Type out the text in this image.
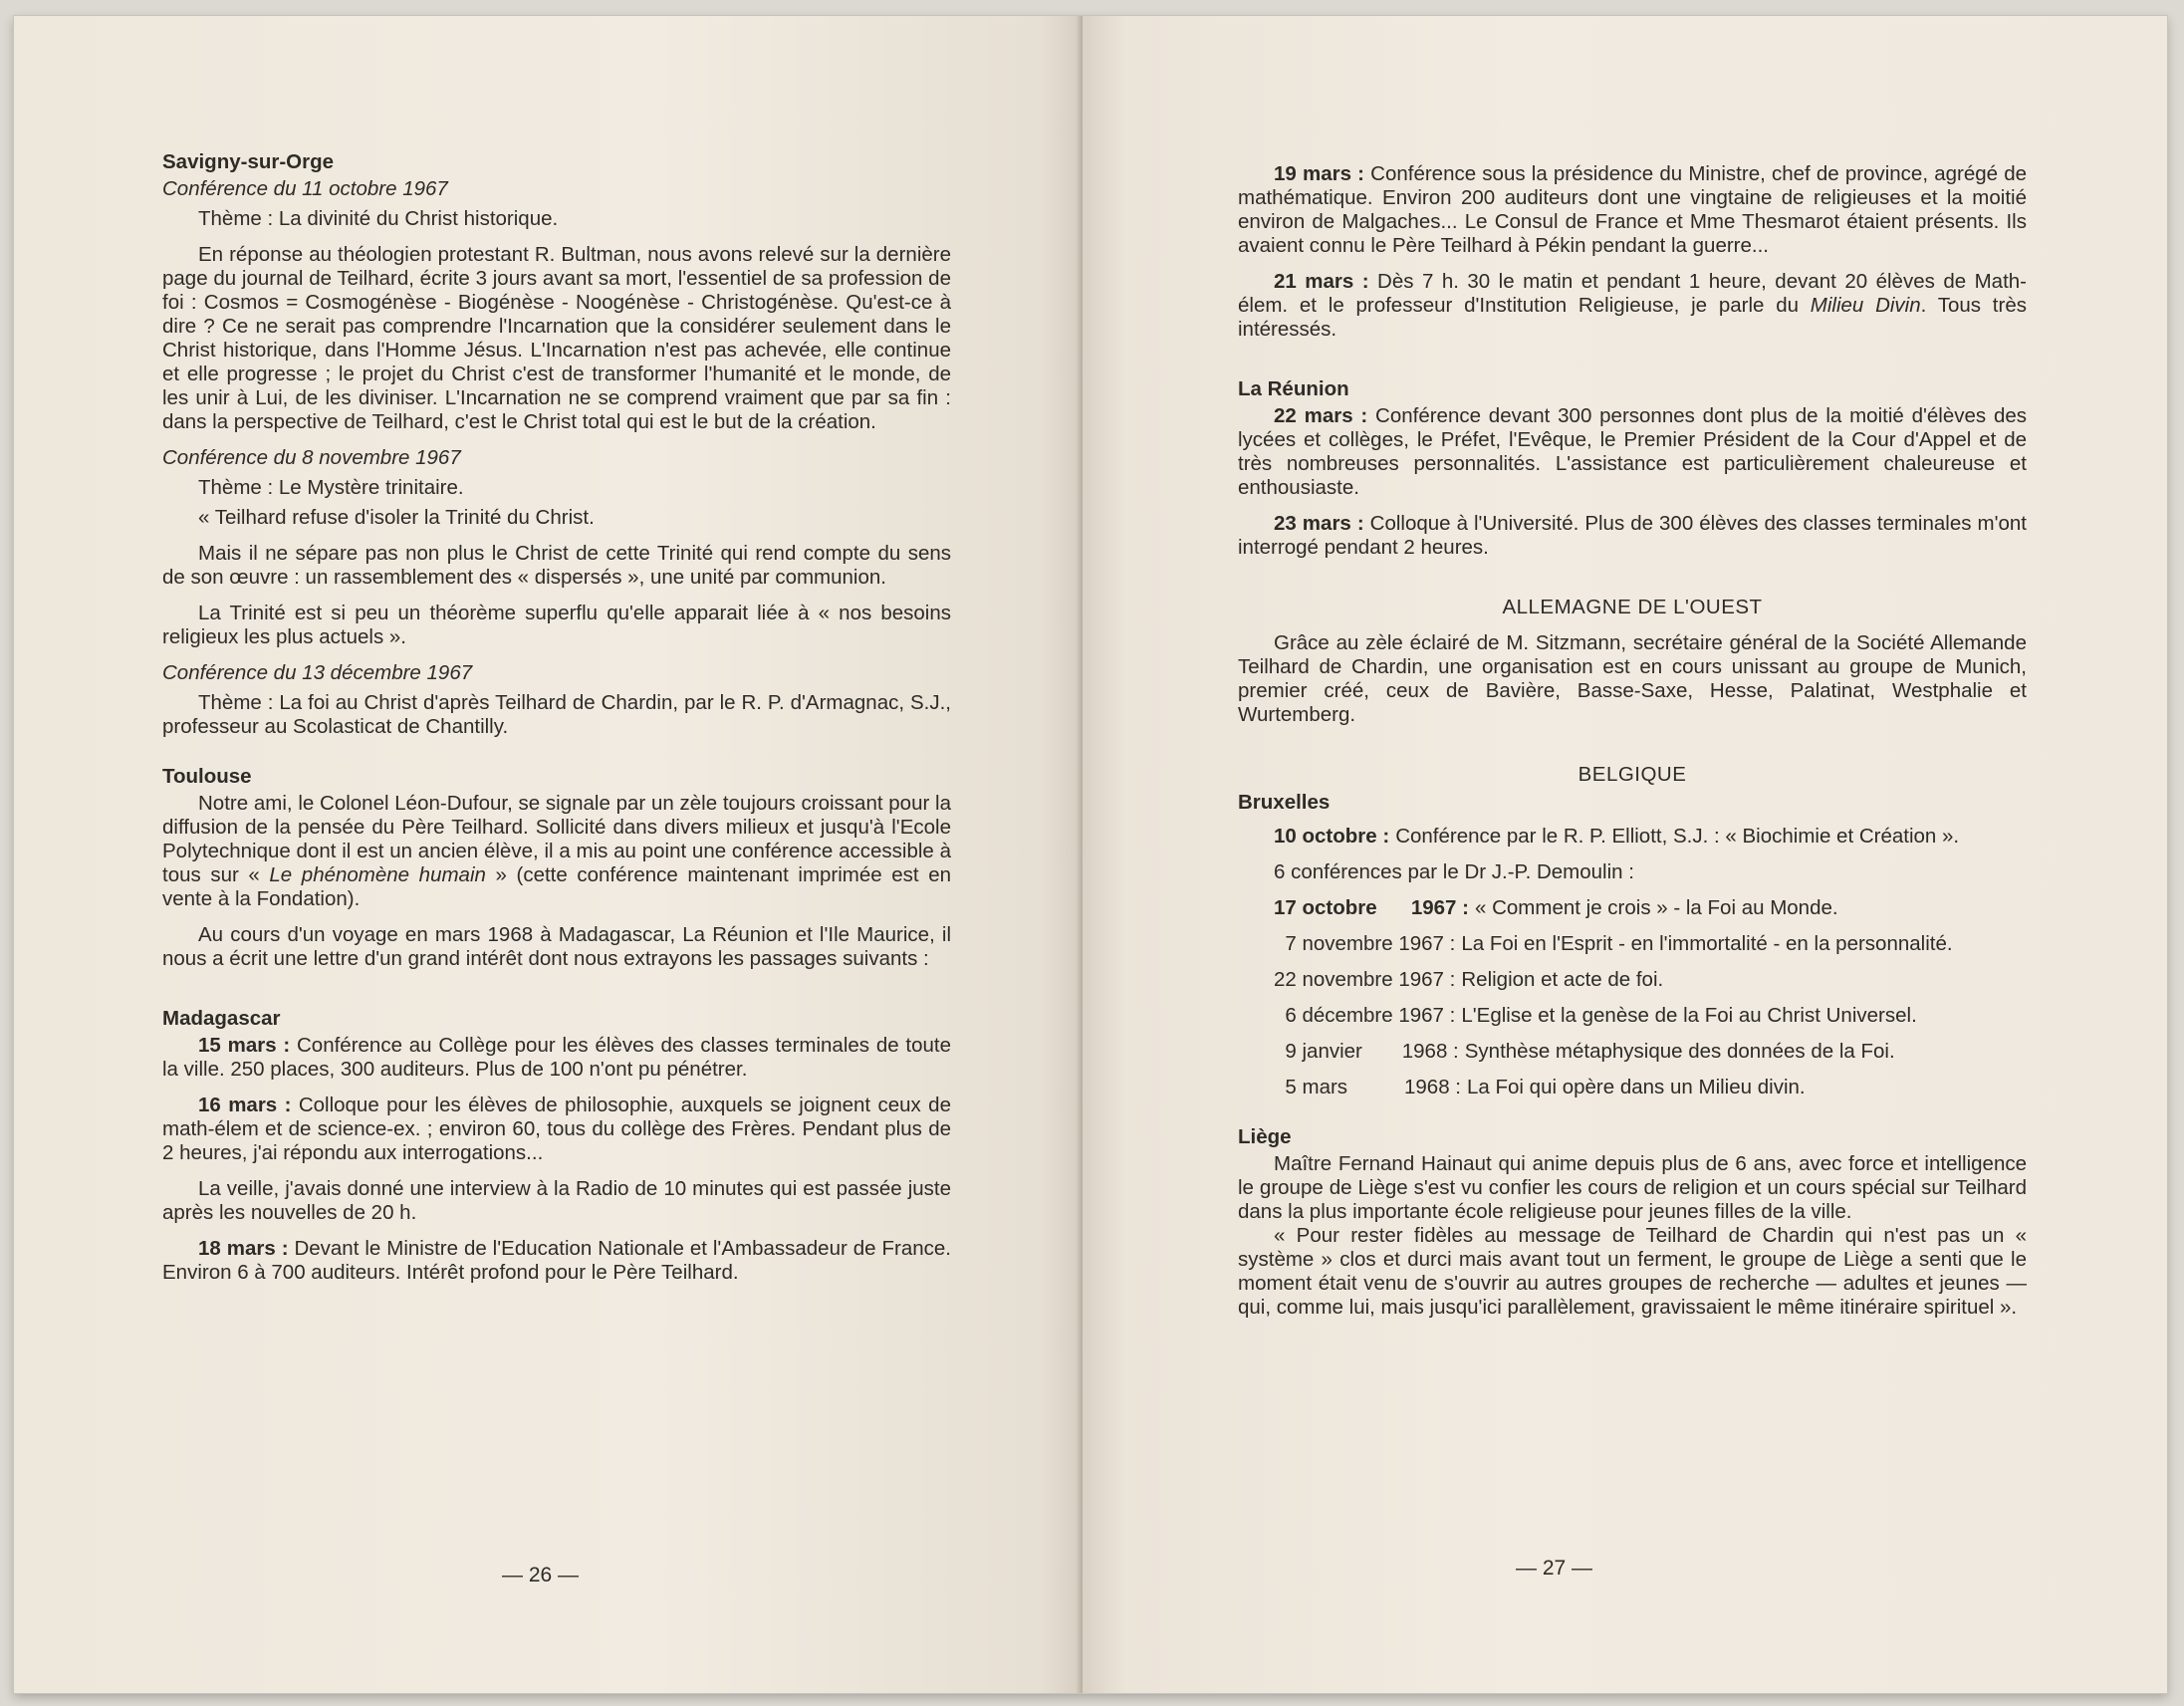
Savigny-sur-Orge

Conférence du 11 octobre 1967

Thème : La divinité du Christ historique.

En réponse au théologien protestant R. Bultman, nous avons relevé sur la dernière page du journal de Teilhard, écrite 3 jours avant sa mort, l'essentiel de sa profession de foi : Cosmos = Cosmogénèse - Biogénèse - Noogénèse - Christogénèse. Qu'est-ce à dire ? Ce ne serait pas comprendre l'Incarnation que la considérer seulement dans le Christ historique, dans l'Homme Jésus. L'Incarnation n'est pas achevée, elle continue et elle progresse ; le projet du Christ c'est de transformer l'humanité et le monde, de les unir à Lui, de les diviniser. L'Incarnation ne se comprend vraiment que par sa fin : dans la perspective de Teilhard, c'est le Christ total qui est le but de la création.

Conférence du 8 novembre 1967

Thème : Le Mystère trinitaire.

« Teilhard refuse d'isoler la Trinité du Christ.

Mais il ne sépare pas non plus le Christ de cette Trinité qui rend compte du sens de son œuvre : un rassemblement des « dispersés », une unité par communion.

La Trinité est si peu un théorème superflu qu'elle apparait liée à « nos besoins religieux les plus actuels ».

Conférence du 13 décembre 1967

Thème : La foi au Christ d'après Teilhard de Chardin, par le R. P. d'Armagnac, S.J., professeur au Scolasticat de Chantilly.

Toulouse

Notre ami, le Colonel Léon-Dufour, se signale par un zèle toujours croissant pour la diffusion de la pensée du Père Teilhard. Sollicité dans divers milieux et jusqu'à l'Ecole Polytechnique dont il est un ancien élève, il a mis au point une conférence accessible à tous sur « Le phénomène humain » (cette conférence maintenant imprimée est en vente à la Fondation).

Au cours d'un voyage en mars 1968 à Madagascar, La Réunion et l'Ile Maurice, il nous a écrit une lettre d'un grand intérêt dont nous extrayons les passages suivants :

Madagascar

15 mars : Conférence au Collège pour les élèves des classes terminales de toute la ville. 250 places, 300 auditeurs. Plus de 100 n'ont pu pénétrer.

16 mars : Colloque pour les élèves de philosophie, auxquels se joignent ceux de math-élem et de science-ex. ; environ 60, tous du collège des Frères. Pendant plus de 2 heures, j'ai répondu aux interrogations...

La veille, j'avais donné une interview à la Radio de 10 minutes qui est passée juste après les nouvelles de 20 h.

18 mars : Devant le Ministre de l'Education Nationale et l'Ambassadeur de France. Environ 6 à 700 auditeurs. Intérêt profond pour le Père Teilhard.

— 26 —

19 mars : Conférence sous la présidence du Ministre, chef de province, agrégé de mathématique. Environ 200 auditeurs dont une vingtaine de religieuses et la moitié environ de Malgaches... Le Consul de France et Mme Thesmarot étaient présents. Ils avaient connu le Père Teilhard à Pékin pendant la guerre...

21 mars : Dès 7 h. 30 le matin et pendant 1 heure, devant 20 élèves de Math-élem. et le professeur d'Institution Religieuse, je parle du Milieu Divin. Tous très intéressés.

La Réunion

22 mars : Conférence devant 300 personnes dont plus de la moitié d'élèves des lycées et collèges, le Préfet, l'Evêque, le Premier Président de la Cour d'Appel et de très nombreuses personnalités. L'assistance est particulièrement chaleureuse et enthousiaste.

23 mars : Colloque à l'Université. Plus de 300 élèves des classes terminales m'ont interrogé pendant 2 heures.

ALLEMAGNE DE L'OUEST

Grâce au zèle éclairé de M. Sitzmann, secrétaire général de la Société Allemande Teilhard de Chardin, une organisation est en cours unissant au groupe de Munich, premier créé, ceux de Bavière, Basse-Saxe, Hesse, Palatinat, Westphalie et Wurtemberg.

BELGIQUE

Bruxelles

10 octobre : Conférence par le R. P. Elliott, S.J. : « Biochimie et Création ».

6 conférences par le Dr J.-P. Demoulin :

17 octobre      1967 : « Comment je crois » - la Foi au Monde.
7 novembre 1967 : La Foi en l'Esprit - en l'immortalité - en la personnalité.
22 novembre 1967 : Religion et acte de foi.
6 décembre 1967 : L'Eglise et la genèse de la Foi au Christ Universel.
9 janvier       1968 : Synthèse métaphysique des données de la Foi.
5 mars          1968 : La Foi qui opère dans un Milieu divin.

Liège

Maître Fernand Hainaut qui anime depuis plus de 6 ans, avec force et intelligence le groupe de Liège s'est vu confier les cours de religion et un cours spécial sur Teilhard dans la plus importante école religieuse pour jeunes filles de la ville.

« Pour rester fidèles au message de Teilhard de Chardin qui n'est pas un « système » clos et durci mais avant tout un ferment, le groupe de Liège a senti que le moment était venu de s'ouvrir au autres groupes de recherche — adultes et jeunes — qui, comme lui, mais jusqu'ici parallèlement, gravissaient le même itinéraire spirituel ».

— 27 —
